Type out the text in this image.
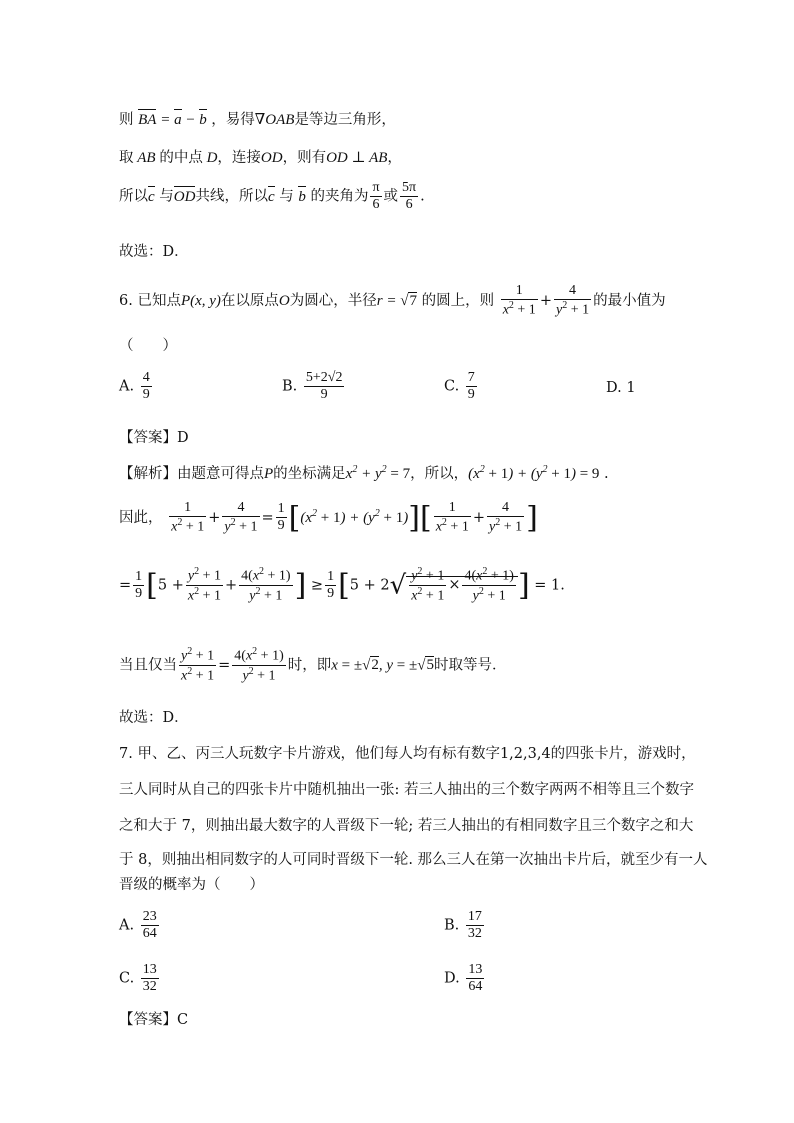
则 BA = a − b ，易得∇OAB是等边三角形，
取 AB 的中点 D，连接OD，则有OD ⊥ AB，
所以c 与OD共线，所以c 与 b 的夹角为 $\frac{\pi}{6}$ 或 $\frac{5\pi}{6}$ .
故选：D．
6. 已知点P(x, y)在以原点O为圆心，半径r = √7 的圆上，则 $\frac{1}{x^2 + 1} + \frac{4}{y^2 + 1}$ 的最小值为
（　　）
A. $\frac{4}{9}$	B. $\frac{5+2√2}{9}$	C. $\frac{7}{9}$	D. 1
【答案】D
【解析】由题意可得点P的坐标满足$x^2 + y^2 = 7$，所以，$(x^2 + 1) + (y^2 + 1) = 9$ .
因此， $\frac{1}{x^2 + 1} + \frac{4}{y^2 + 1} = \frac{1}{9} [(x^2 + 1) + (y^2 + 1)][ \frac{1}{x^2 + 1} + \frac{4}{y^2 + 1}$ ]
= $\frac{1}{9} [5 + \frac{y^2 + 1}{x^2 + 1} + \frac{4(x^2 + 1)}{y^2 + 1}$ ] ≥ $\frac{1}{9} [5 + 2√ \frac{y^2 + 1}{x^2 + 1} \times \frac{4(x^2 + 1)}{y^2 + 1}$ ] = 1.
当且仅当 $\frac{y^2 + 1}{x^2 + 1} = \frac{4(x^2 + 1)}{y^2 + 1}$ 时，即x = ±√2, y = ±√5时取等号．
故选：D．
7. 甲、乙、丙三人玩数字卡片游戏，他们每人均有标有数字1,2,3,4的四张卡片，游戏时，
三人同时从自己的四张卡片中随机抽出一张: 若三人抽出的三个数字两两不相等且三个数字
之和大于 7，则抽出最大数字的人晋级下一轮; 若三人抽出的有相同数字且三个数字之和大
于 8，则抽出相同数字的人可同时晋级下一轮. 那么三人在第一次抽出卡片后，就至少有一人
晋级的概率为（　　）
A. $\frac{23}{64}$	B. $\frac{17}{32}$
C. $\frac{13}{32}$	D. $\frac{13}{64}$
【答案】C
